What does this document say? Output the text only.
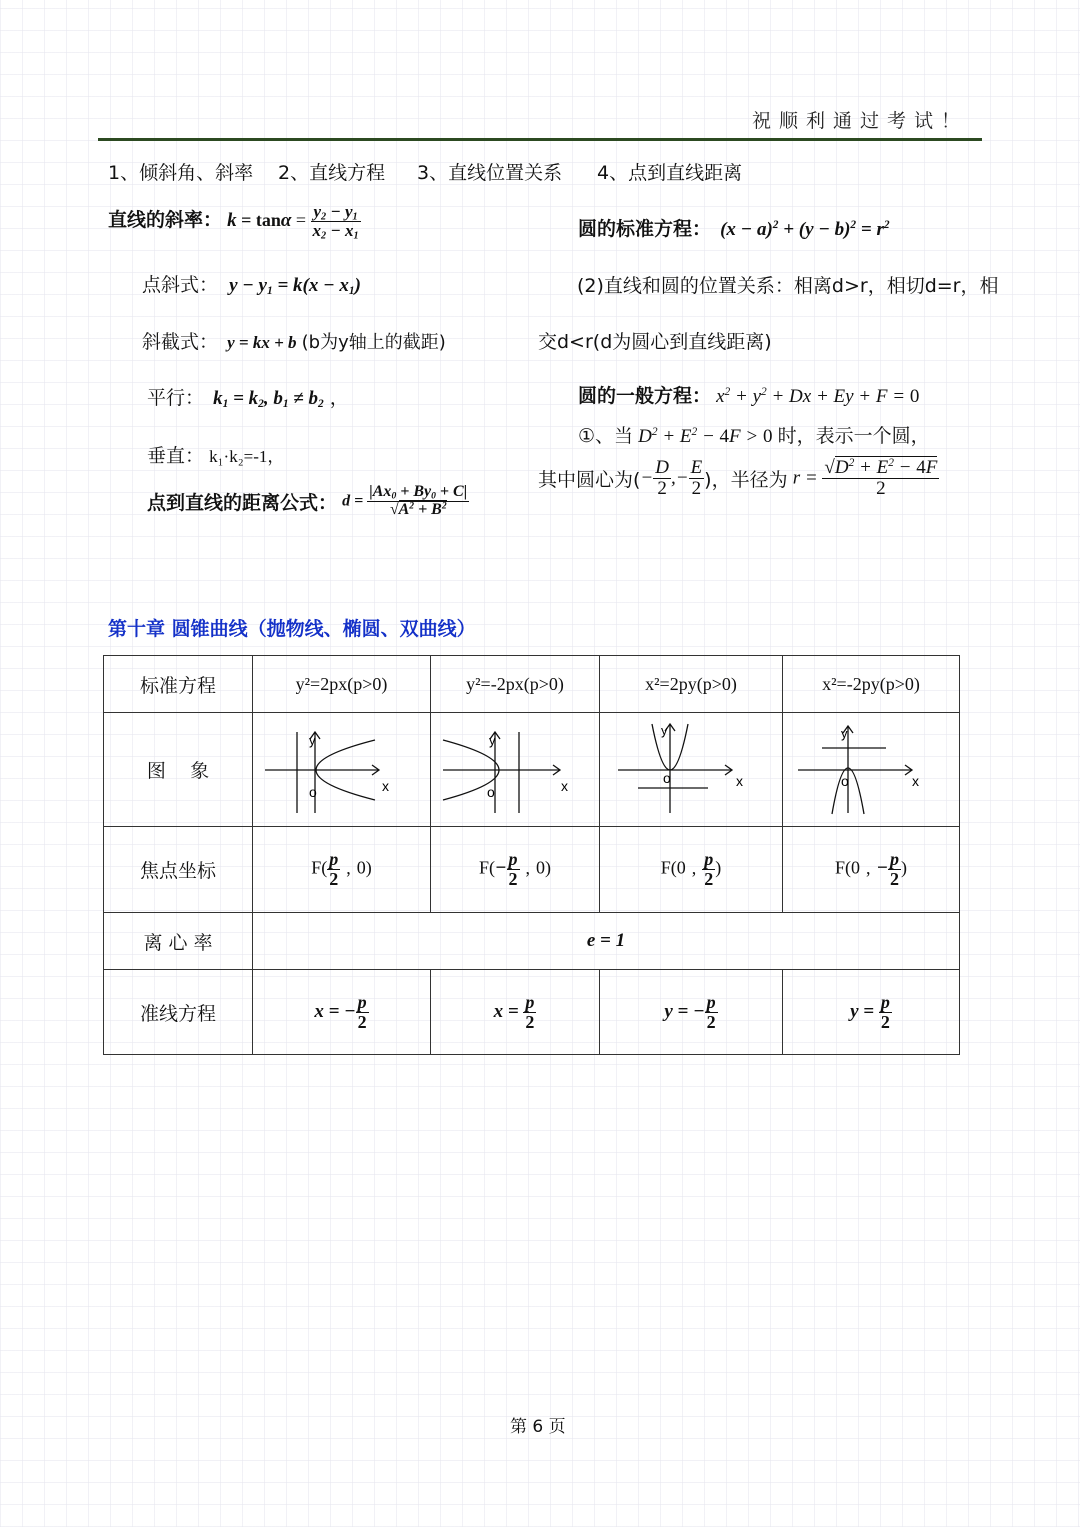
祝顺利通过考试！
1、倾斜角、斜率 2、直线方程 3、直线位置关系 4、点到直线距离
直线的斜率： $k = \tan\alpha = \frac{y_2 - y_1}{x_2 - x_1}$
点斜式： $y - y_1 = k(x - x_1)$
斜截式： y = kx + b (b为y轴上的截距)
平行： $k_1 = k_2$, $b_1 \ne b_2$ ，
垂直： k₁·k₂=-1，
点到直线的距离公式： $d = \frac{|Ax_0 + By_0 + C|}{√A^2 + B^2}$
圆的标准方程： $(x - a)^2 + (y - b)^2 = r^2$
(2)直线和圆的位置关系：相离d>r，相切d=r，相
交d<r(d为圆心到直线距离)
圆的一般方程： $x^2 + y^2 + Dx + Ey + F = 0$
①、当 $D^2 + E^2 - 4F > 0$ 时，表示一个圆，
其中圆心为(− $\frac{D}{2}$ ,− $\frac{E}{2}$ )，半径为 $r = \frac{√D^2 + E^2 - 4F}{2}$
第十章 圆锥曲线（抛物线、椭圆、双曲线）
标准方程	y²=2px(p>0)	y²=-2px(p>0)	x²=2py(p>0)	x²=-2py(p>0)
图    象	o
y
x	o
y
x	o
y
x	o
y
x

焦点坐标	$F( \frac{p}{2}$ , 0)	$F(- \frac{p}{2}$ , 0)	F(0 , $\frac{p}{2}$ )	F(0 , − $\frac{p}{2}$ )
离 心 率	e = 1			
准线方程	x = − $\frac{p}{2}$	$x = \frac{p}{2}$	y = − $\frac{p}{2}$	$y = \frac{p}{2}$
第 6 页
